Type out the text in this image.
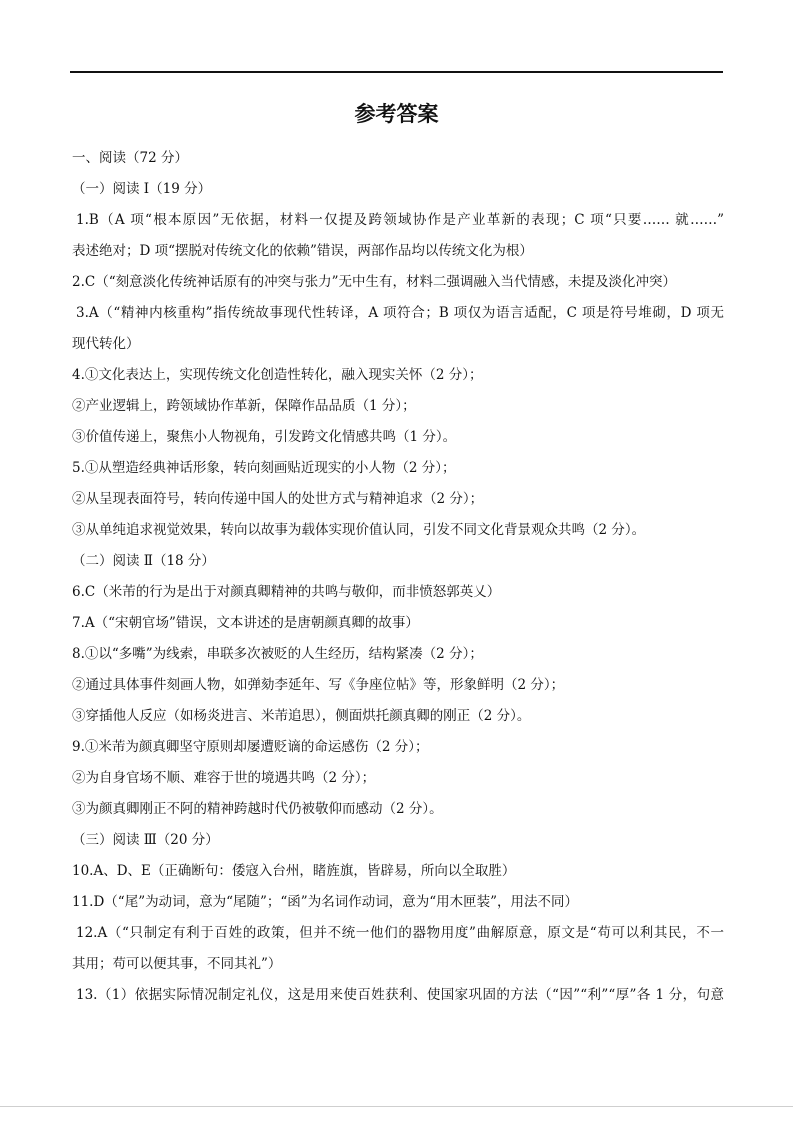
参考答案
一、阅读（72 分）
（一）阅读 Ⅰ（19 分）
1.B（A 项“根本原因”无依据，材料一仅提及跨领域协作是产业革新的表现；C 项“只要…… 就……”
表述绝对；D 项“摆脱对传统文化的依赖”错误，两部作品均以传统文化为根）
2.C（“刻意淡化传统神话原有的冲突与张力”无中生有，材料二强调融入当代情感，未提及淡化冲突）
3.A（“精神内核重构”指传统故事现代性转译，A 项符合；B 项仅为语言适配，C 项是符号堆砌，D 项无
现代转化）
4.①文化表达上，实现传统文化创造性转化，融入现实关怀（2 分）；
②产业逻辑上，跨领域协作革新，保障作品品质（1 分）；
③价值传递上，聚焦小人物视角，引发跨文化情感共鸣（1 分）。
5.①从塑造经典神话形象，转向刻画贴近现实的小人物（2 分）；
②从呈现表面符号，转向传递中国人的处世方式与精神追求（2 分）；
③从单纯追求视觉效果，转向以故事为载体实现价值认同，引发不同文化背景观众共鸣（2 分）。
（二）阅读 Ⅱ（18 分）
6.C（米芾的行为是出于对颜真卿精神的共鸣与敬仰，而非愤怒郭英乂）
7.A（“宋朝官场”错误，文本讲述的是唐朝颜真卿的故事）
8.①以“多嘴”为线索，串联多次被贬的人生经历，结构紧凑（2 分）；
②通过具体事件刻画人物，如弹劾李延年、写《争座位帖》等，形象鲜明（2 分）；
③穿插他人反应（如杨炎进言、米芾追思），侧面烘托颜真卿的刚正（2 分）。
9.①米芾为颜真卿坚守原则却屡遭贬谪的命运感伤（2 分）；
②为自身官场不顺、难容于世的境遇共鸣（2 分）；
③为颜真卿刚正不阿的精神跨越时代仍被敬仰而感动（2 分）。
（三）阅读 Ⅲ（20 分）
10.A、D、E（正确断句：倭寇入台州，睹旌旗，皆辟易，所向以全取胜）
11.D（“尾”为动词，意为“尾随”；“函”为名词作动词，意为“用木匣装”，用法不同）
12.A（“只制定有利于百姓的政策，但并不统一他们的器物用度”曲解原意，原文是“苟可以利其民，不一
其用；苟可以便其事，不同其礼”）
13.（1）依据实际情况制定礼仪，这是用来使百姓获利、使国家巩固的方法（“因”“利”“厚”各 1 分，句意
